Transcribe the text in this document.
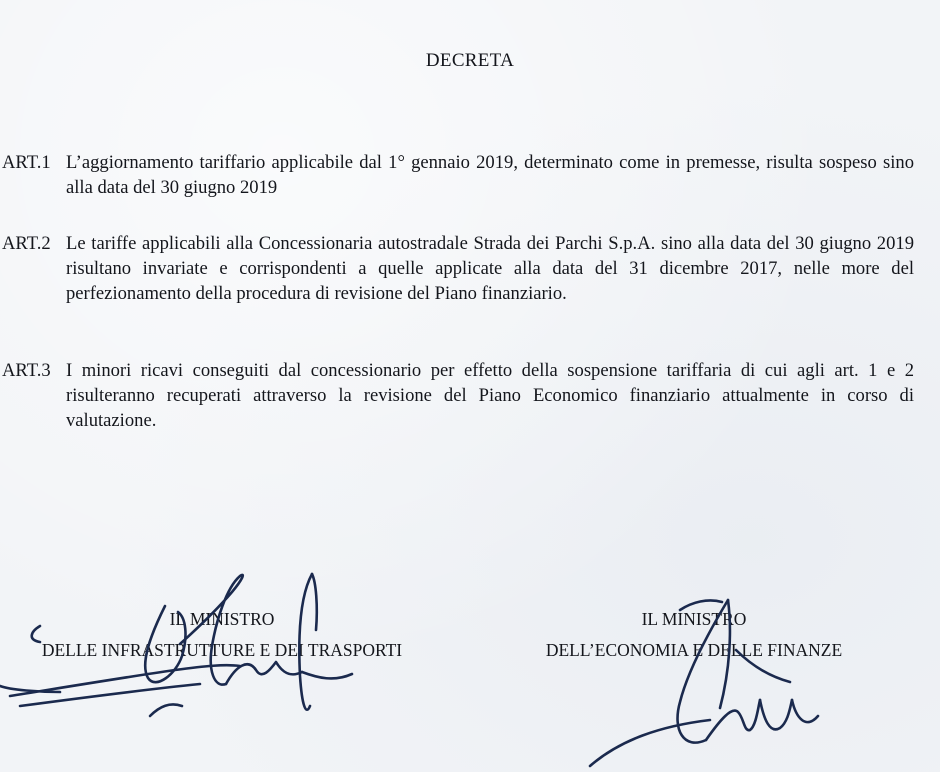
DECRETA
ART.1 L’aggiornamento tariffario applicabile dal 1° gennaio 2019, determinato come in premesse, risulta sospeso sino alla data del 30 giugno 2019
ART.2 Le tariffe applicabili alla Concessionaria autostradale Strada dei Parchi S.p.A. sino alla data del 30 giugno 2019 risultano invariate e corrispondenti a quelle applicate alla data del 31 dicembre 2017, nelle more del perfezionamento della procedura di revisione del Piano finanziario.
ART.3 I minori ricavi conseguiti dal concessionario per effetto della sospensione tariffaria di cui agli art. 1 e 2 risulteranno recuperati attraverso la revisione del Piano Economico finanziario attualmente in corso di valutazione.
IL MINISTRO
DELLE INFRASTRUTTURE E DEI TRASPORTI
IL MINISTRO
DELL’ECONOMIA E DELLE FINANZE
